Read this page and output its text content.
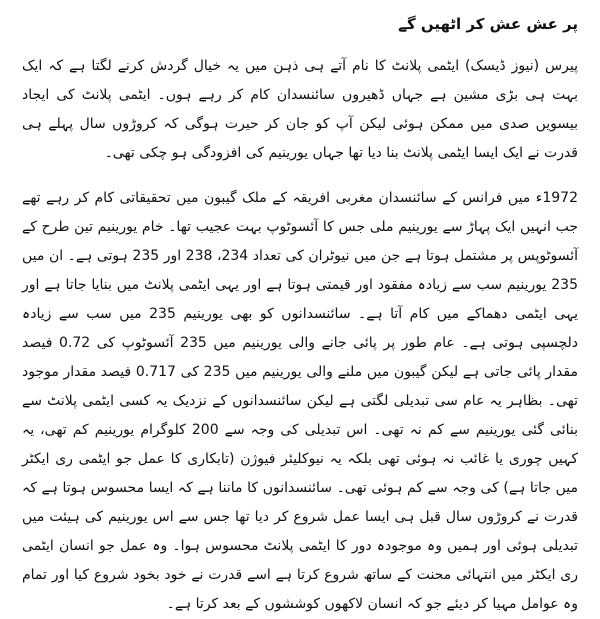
پر عش عش کر اٹھیں گے

پیرس (نیوز ڈیسک) ایٹمی پلانٹ کا نام آتے ہی ذہن میں یہ خیال گردش کرنے لگتا ہے کہ ایک بہت ہی بڑی مشین ہے جہاں ڈھیروں سائنسدان کام کر رہے ہوں۔ ایٹمی پلانٹ کی ایجاد بیسویں صدی میں ممکن ہوئی لیکن آپ کو جان کر حیرت ہوگی کہ کروڑوں سال پہلے ہی قدرت نے ایک ایسا ایٹمی پلانٹ بنا دیا تھا جہاں یورینیم کی افزودگی ہو چکی تھی۔

1972ء میں فرانس کے سائنسدان مغربی افریقہ کے ملک گیبون میں تحقیقاتی کام کر رہے تھے جب انہیں ایک پہاڑ سے یورینیم ملی جس کا آئسوٹوپ بہت عجیب تھا۔ خام یورینیم تین طرح کے آئسوٹوپس پر مشتمل ہوتا ہے جن میں نیوٹران کی تعداد 234، 238 اور 235 ہوتی ہے۔ ان میں 235 یورینیم سب سے زیادہ مفقود اور قیمتی ہوتا ہے اور یہی ایٹمی پلانٹ میں بنایا جاتا ہے اور یہی ایٹمی دھماکے میں کام آتا ہے۔ سائنسدانوں کو بھی یورینیم 235 میں سب سے زیادہ دلچسپی ہوتی ہے۔ عام طور پر پائی جانے والی یورینیم میں 235 آئسوٹوپ کی 0.72 فیصد مقدار پائی جاتی ہے لیکن گیبون میں ملنے والی یورینیم میں 235 کی 0.717 فیصد مقدار موجود تھی۔ بظاہر یہ عام سی تبدیلی لگتی ہے لیکن سائنسدانوں کے نزدیک یہ کسی ایٹمی پلانٹ سے بنائی گئی یورینیم سے کم نہ تھی۔ اس تبدیلی کی وجہ سے 200 کلوگرام یورینیم کم تھی، یہ کہیں چوری یا غائب نہ ہوئی تھی بلکہ یہ نیوکلیئر فیوژن (تابکاری کا عمل جو ایٹمی ری ایکٹر میں جاتا ہے) کی وجہ سے کم ہوئی تھی۔ سائنسدانوں کا ماننا ہے کہ ایسا محسوس ہوتا ہے کہ قدرت نے کروڑوں سال قبل ہی ایسا عمل شروع کر دیا تھا جس سے اس یورینیم کی ہیئت میں تبدیلی ہوئی اور ہمیں وہ موجودہ دور کا ایٹمی پلانٹ محسوس ہوا۔ وہ عمل جو انسان ایٹمی ری ایکٹر میں انتہائی محنت کے ساتھ شروع کرتا ہے اسے قدرت نے خود بخود شروع کیا اور تمام وہ عوامل مہیا کر دیئے جو کہ انسان لاکھوں کوششوں کے بعد کرتا ہے۔
